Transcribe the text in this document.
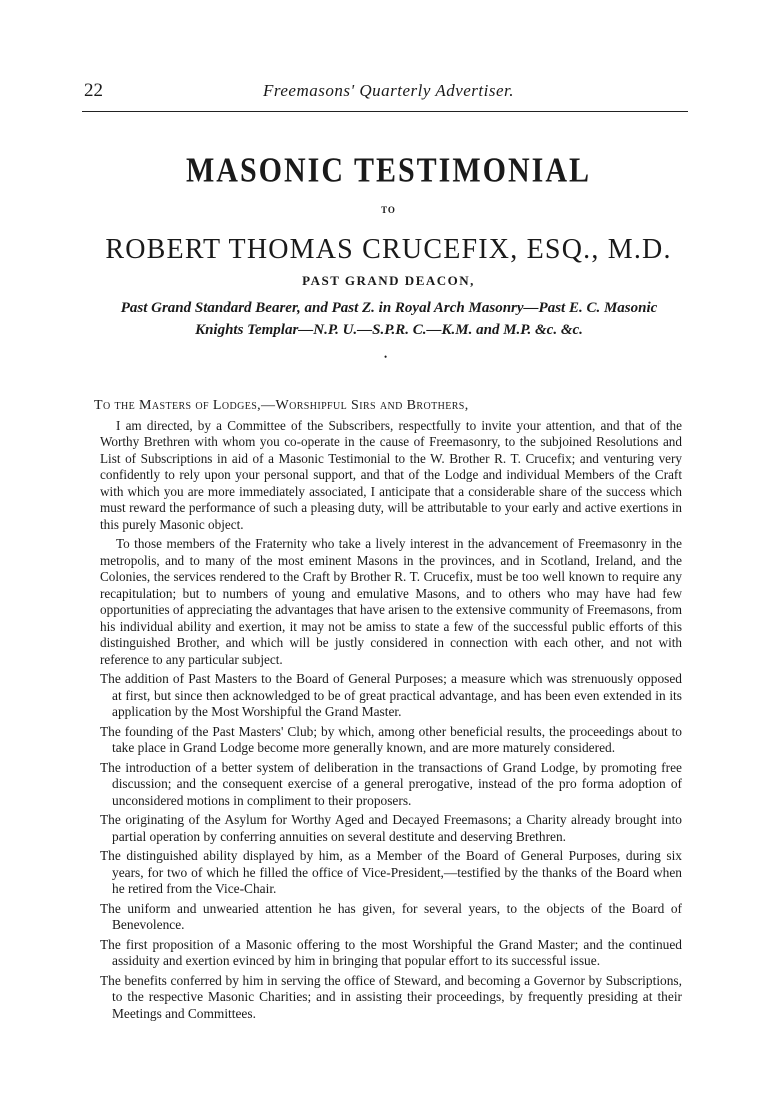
22	Freemasons' Quarterly Advertiser.
MASONIC TESTIMONIAL
TO
ROBERT THOMAS CRUCEFIX, ESQ., M.D.
PAST GRAND DEACON,
Past Grand Standard Bearer, and Past Z. in Royal Arch Masonry—Past E. C. Masonic
Knights Templar—N.P. U.—S.P.R. C.—K.M. and M.P. &c. &c.
•

To the Masters of Lodges,—Worshipful Sirs and Brothers,

I am directed, by a Committee of the Subscribers, respectfully to invite your attention, and that of the Worthy Brethren with whom you co-operate in the cause of Freemasonry, to the subjoined Resolutions and List of Subscriptions in aid of a Masonic Testimonial to the W. Brother R. T. Crucefix; and venturing very confidently to rely upon your personal support, and that of the Lodge and individual Members of the Craft with which you are more immediately associated, I anticipate that a considerable share of the success which must reward the performance of such a pleasing duty, will be attributable to your early and active exertions in this purely Masonic object.

To those members of the Fraternity who take a lively interest in the advancement of Freemasonry in the metropolis, and to many of the most eminent Masons in the provinces, and in Scotland, Ireland, and the Colonies, the services rendered to the Craft by Brother R. T. Crucefix, must be too well known to require any recapitulation; but to numbers of young and emulative Masons, and to others who may have had few opportunities of appreciating the advantages that have arisen to the extensive community of Freemasons, from his individual ability and exertion, it may not be amiss to state a few of the successful public efforts of this distinguished Brother, and which will be justly considered in connection with each other, and not with reference to any particular subject.

The addition of Past Masters to the Board of General Purposes; a measure which was strenuously opposed at first, but since then acknowledged to be of great practical advantage, and has been even extended in its application by the Most Worshipful the Grand Master.

The founding of the Past Masters' Club; by which, among other beneficial results, the proceedings about to take place in Grand Lodge become more generally known, and are more maturely considered.

The introduction of a better system of deliberation in the transactions of Grand Lodge, by promoting free discussion; and the consequent exercise of a general prerogative, instead of the pro forma adoption of unconsidered motions in compliment to their proposers.

The originating of the Asylum for Worthy Aged and Decayed Freemasons; a Charity already brought into partial operation by conferring annuities on several destitute and deserving Brethren.

The distinguished ability displayed by him, as a Member of the Board of General Purposes, during six years, for two of which he filled the office of Vice-President,—testified by the thanks of the Board when he retired from the Vice-Chair.

The uniform and unwearied attention he has given, for several years, to the objects of the Board of Benevolence.

The first proposition of a Masonic offering to the most Worshipful the Grand Master; and the continued assiduity and exertion evinced by him in bringing that popular effort to its successful issue.

The benefits conferred by him in serving the office of Steward, and becoming a Governor by Subscriptions, to the respective Masonic Charities; and in assisting their proceedings, by frequently presiding at their Meetings and Committees.
